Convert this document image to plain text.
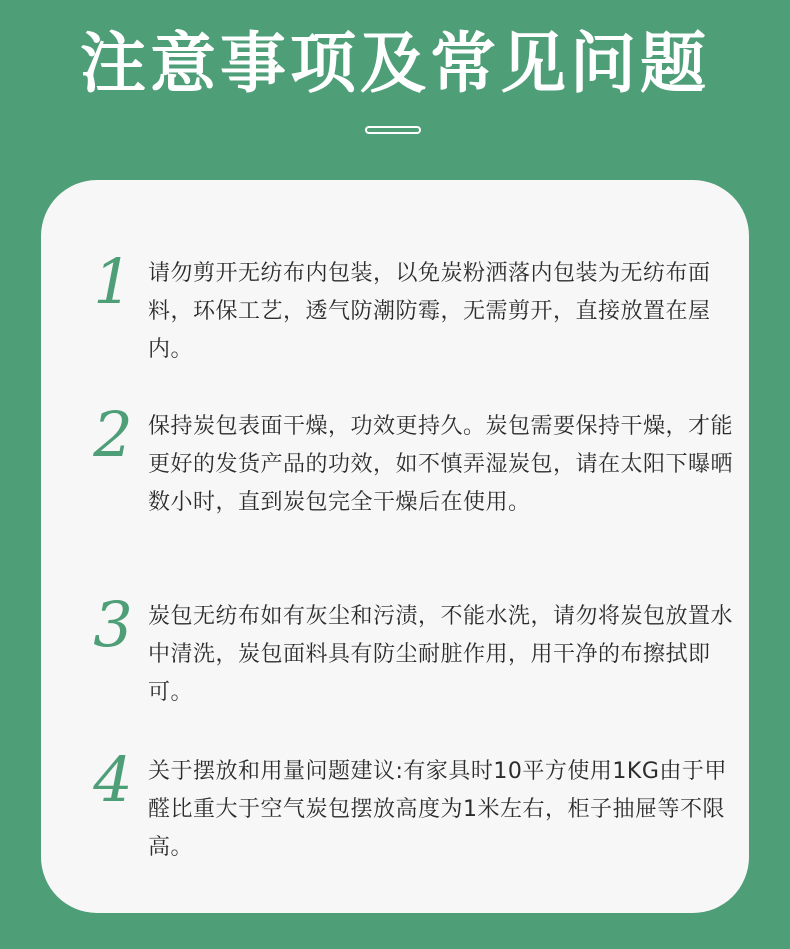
注意事项及常见问题
1 请勿剪开无纺布内包装，以免炭粉洒落内包装为无纺布面料，环保工艺，透气防潮防霉，无需剪开，直接放置在屋内。
2 保持炭包表面干燥，功效更持久。炭包需要保持干燥，才能更好的发货产品的功效，如不慎弄湿炭包，请在太阳下曝晒数小时，直到炭包完全干燥后在使用。
3 炭包无纺布如有灰尘和污渍，不能水洗，请勿将炭包放置水中清洗，炭包面料具有防尘耐脏作用，用干净的布擦拭即可。
4 关于摆放和用量问题建议:有家具时10平方使用1KG由于甲醛比重大于空气炭包摆放高度为1米左右，柜子抽屉等不限高。
